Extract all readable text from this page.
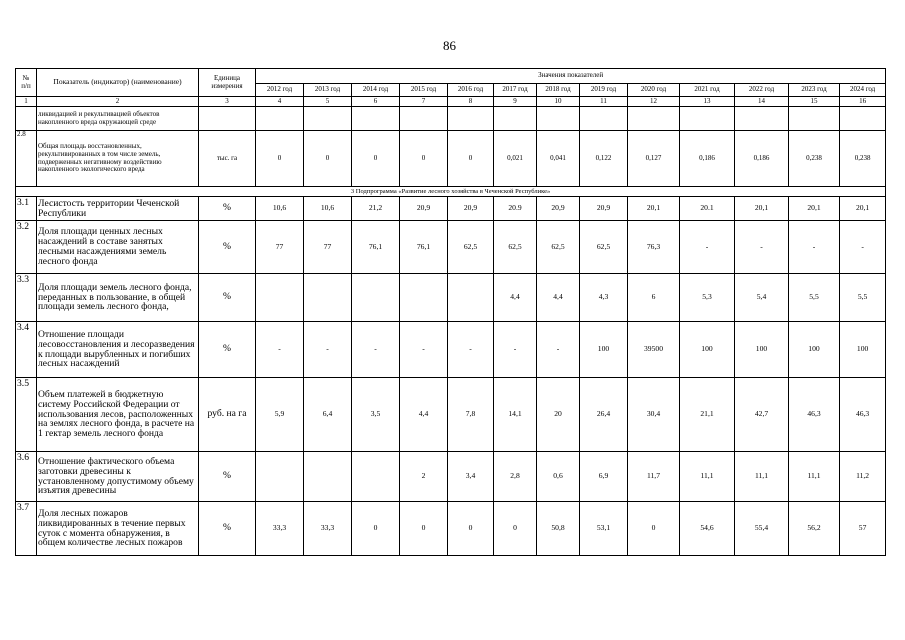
86
№
п/п	Показатель (индикатор) (наименование)	Единица
измерения	Значения показателей												
			2012 год	2013 год	2014 год	2015 год	2016 год	2017 год	2018 год	2019 год	2020 год	2021 год	2022 год	2023 год	2024 год
1	2	3	4	5	6	7	8	9	10	11	12	13	14	15	16
	ликвидацией и рекультивацией объектов накопленного вреда окружающей среде														
2.8	Общая площадь восстановленных, рекультивированных в том числе земель, подверженных негативному воздействию накопленного экологического вреда	тыс. га	0	0	0	0	0	0,021	0,041	0,122	0,127	0,186	0,186	0,238	0,238
3 Подпрограмма «Развитие лесного хозяйства в Чеченской Республике»															
3.1	Лесистость территории Чеченской Республики	%	10,6	10,6	21,2	20,9	20,9	20.9	20,9	20,9	20,1	20.1	20,1	20,1	20,1
3.2	Доля площади ценных лесных насаждений в составе занятых лесными насаждениями земель лесного фонда	%	77	77	76,1	76,1	62,5	62,5	62,5	62,5	76,3	-	-	-	-
3.3	Доля площади земель лесного фонда, переданных в пользование, в общей площади земель лесного фонда,	%						4,4	4,4	4,3	6	5,3	5,4	5,5	5,5
3.4	Отношение площади лесовосстановления и лесоразведения к площади вырубленных и погибших лесных насаждений	%	-	-	-	-	-	-	-	100	39500	100	100	100	100
3.5	Объем платежей в бюджетную систему Российской Федерации от использования лесов, расположенных на землях лесного фонда, в расчете на 1 гектар земель лесного фонда	руб. на га	5,9	6,4	3,5	4,4	7,8	14,1	20	26,4	30,4	21,1	42,7	46,3	46,3
3.6	Отношение фактического объема заготовки древесины к установленному допустимому объему изъятия древесины	%				2	3,4	2,8	0,6	6,9	11,7	11,1	11,1	11,1	11,2
3.7	Доля лесных пожаров ликвидированных в течение первых суток с момента обнаружения, в общем количестве лесных пожаров	%	33,3	33,3	0	0	0	0	50,8	53,1	0	54,6	55,4	56,2	57
